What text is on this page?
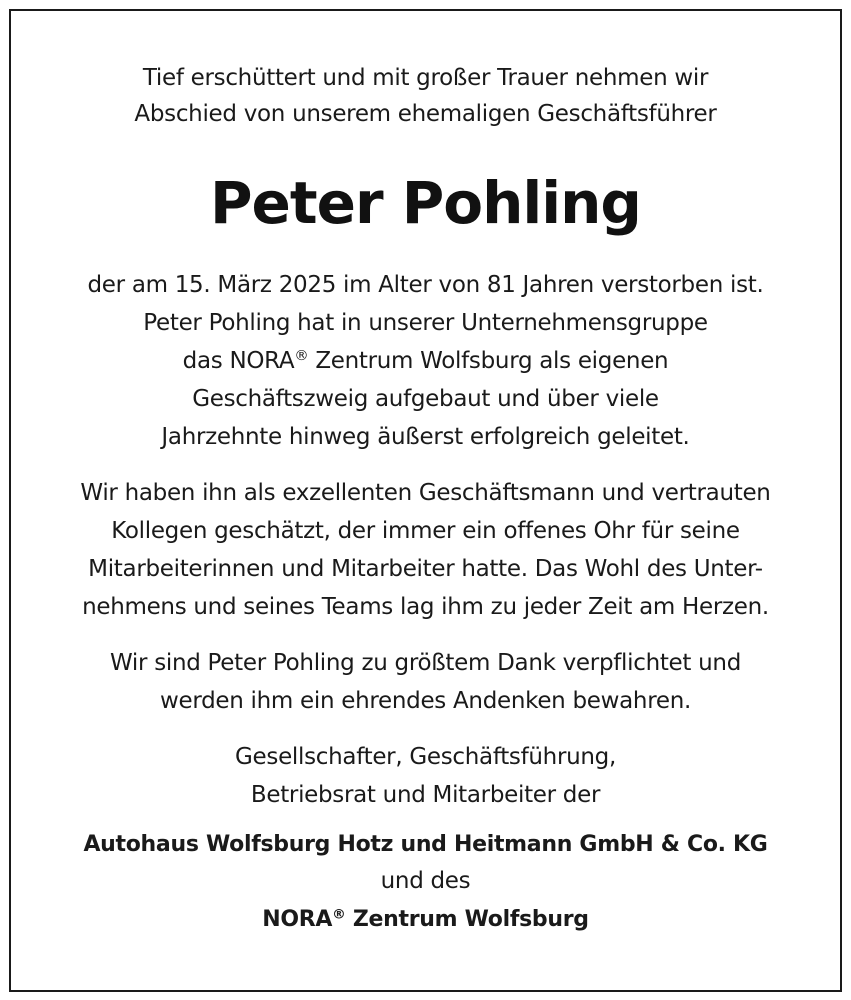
Tief erschüttert und mit großer Trauer nehmen wir
Abschied von unserem ehemaligen Geschäftsführer
Peter Pohling
der am 15. März 2025 im Alter von 81 Jahren verstorben ist.
Peter Pohling hat in unserer Unternehmensgruppe
das NORA® Zentrum Wolfsburg als eigenen
Geschäftszweig aufgebaut und über viele
Jahrzehnte hinweg äußerst erfolgreich geleitet.
Wir haben ihn als exzellenten Geschäftsmann und vertrauten
Kollegen geschätzt, der immer ein offenes Ohr für seine
Mitarbeiterinnen und Mitarbeiter hatte. Das Wohl des Unter-
nehmens und seines Teams lag ihm zu jeder Zeit am Herzen.
Wir sind Peter Pohling zu größtem Dank verpflichtet und
werden ihm ein ehrendes Andenken bewahren.
Gesellschafter, Geschäftsführung,
Betriebsrat und Mitarbeiter der
Autohaus Wolfsburg Hotz und Heitmann GmbH & Co. KG
und des
NORA® Zentrum Wolfsburg
